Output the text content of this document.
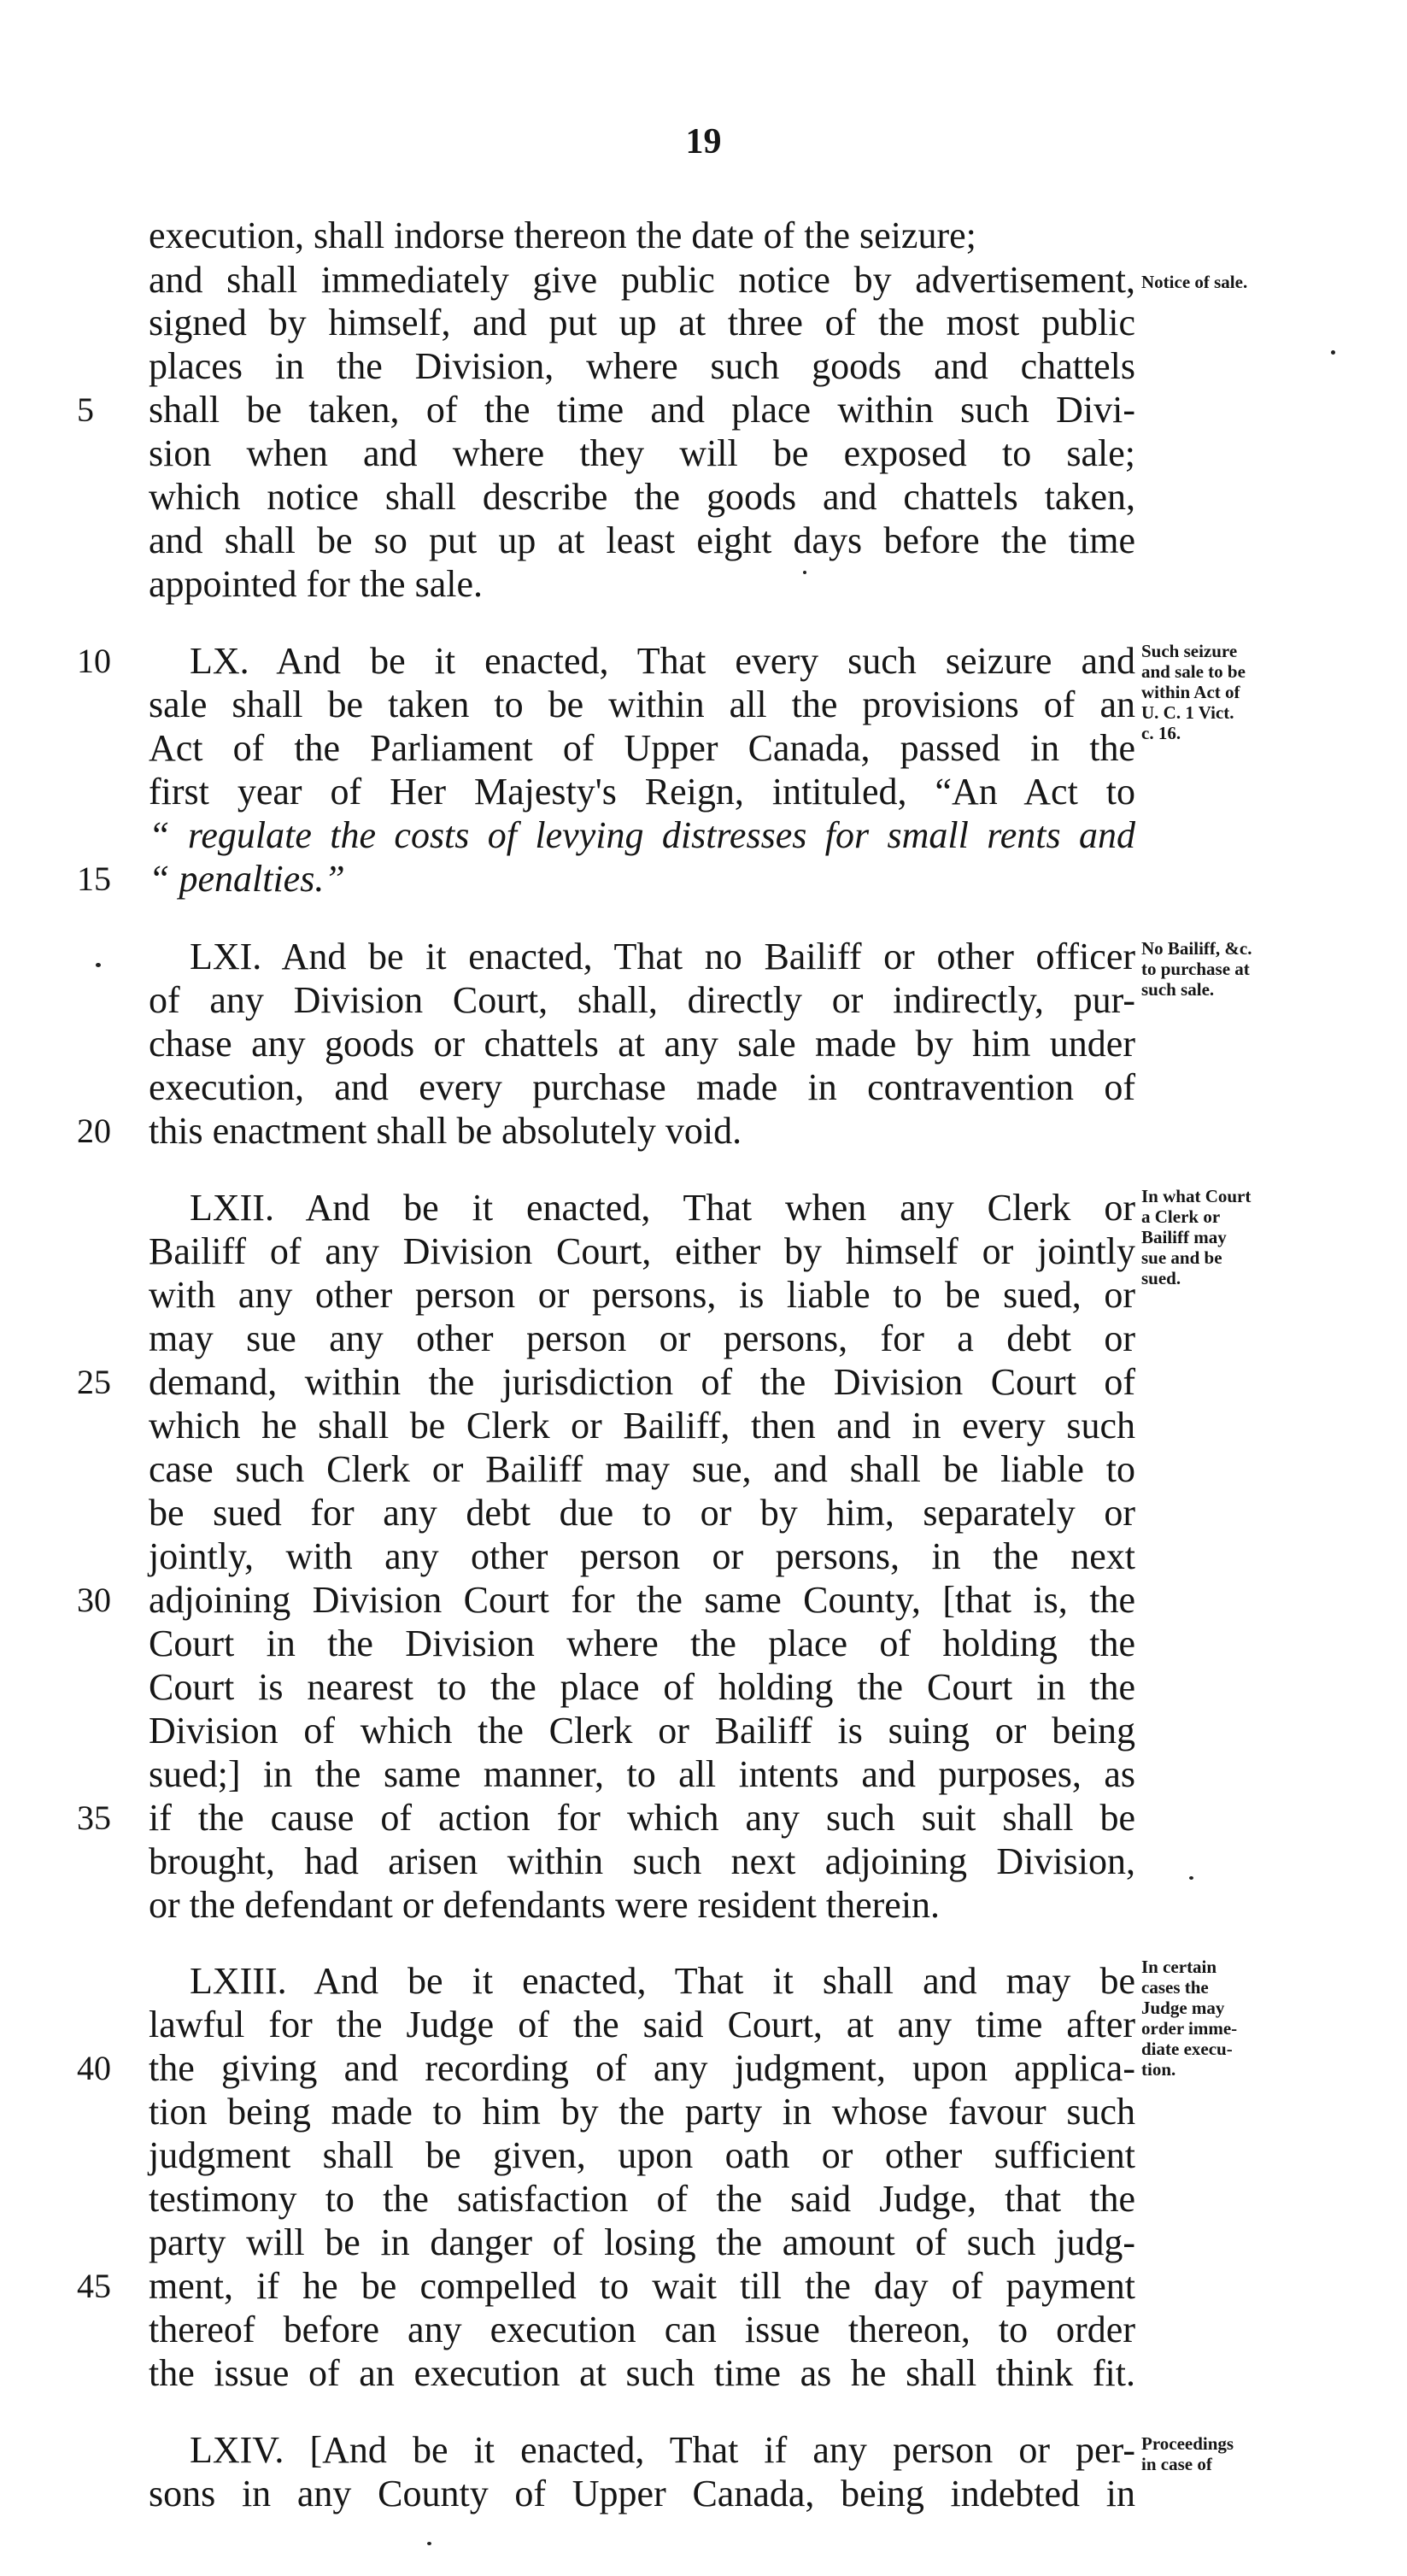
19
execution, shall indorse thereon the date of the seizure;
and shall immediately give public notice by advertisement,
signed by himself, and put up at three of the most public
places in the Division, where such goods and chattels
shall be taken, of the time and place within such Divi-
sion when and where they will be exposed to sale;
which notice shall describe the goods and chattels taken,
and shall be so put up at least eight days before the time
appointed for the sale.
LX. And be it enacted, That every such seizure and
sale shall be taken to be within all the provisions of an
Act of the Parliament of Upper Canada, passed in the
first year of Her Majesty's Reign, intituled, “An Act to
“ regulate the costs of levying distresses for small rents and
“ penalties.”
LXI. And be it enacted, That no Bailiff or other officer
of any Division Court, shall, directly or indirectly, pur-
chase any goods or chattels at any sale made by him under
execution, and every purchase made in contravention of
this enactment shall be absolutely void.
LXII. And be it enacted, That when any Clerk or
Bailiff of any Division Court, either by himself or jointly
with any other person or persons, is liable to be sued, or
may sue any other person or persons, for a debt or
demand, within the jurisdiction of the Division Court of
which he shall be Clerk or Bailiff, then and in every such
case such Clerk or Bailiff may sue, and shall be liable to
be sued for any debt due to or by him, separately or
jointly, with any other person or persons, in the next
adjoining Division Court for the same County, [that is, the
Court in the Division where the place of holding the
Court is nearest to the place of holding the Court in the
Division of which the Clerk or Bailiff is suing or being
sued;] in the same manner, to all intents and purposes, as
if the cause of action for which any such suit shall be
brought, had arisen within such next adjoining Division,
or the defendant or defendants were resident therein.
LXIII. And be it enacted, That it shall and may be
lawful for the Judge of the said Court, at any time after
the giving and recording of any judgment, upon applica-
tion being made to him by the party in whose favour such
judgment shall be given, upon oath or other sufficient
testimony to the satisfaction of the said Judge, that the
party will be in danger of losing the amount of such judg-
ment, if he be compelled to wait till the day of payment
thereof before any execution can issue thereon, to order
the issue of an execution at such time as he shall think fit.
LXIV. [And be it enacted, That if any person or per-
sons in any County of Upper Canada, being indebted in
5
10
15
20
25
30
35
40
45
Notice of sale.
Such seizure
and sale to be
within Act of
U. C. 1 Vict.
c. 16.
No Bailiff, &c.
to purchase at
such sale.
In what Court
a Clerk or
Bailiff may
sue and be
sued.
In certain
cases the
Judge may
order imme-
diate execu-
tion.
Proceedings
in case of
